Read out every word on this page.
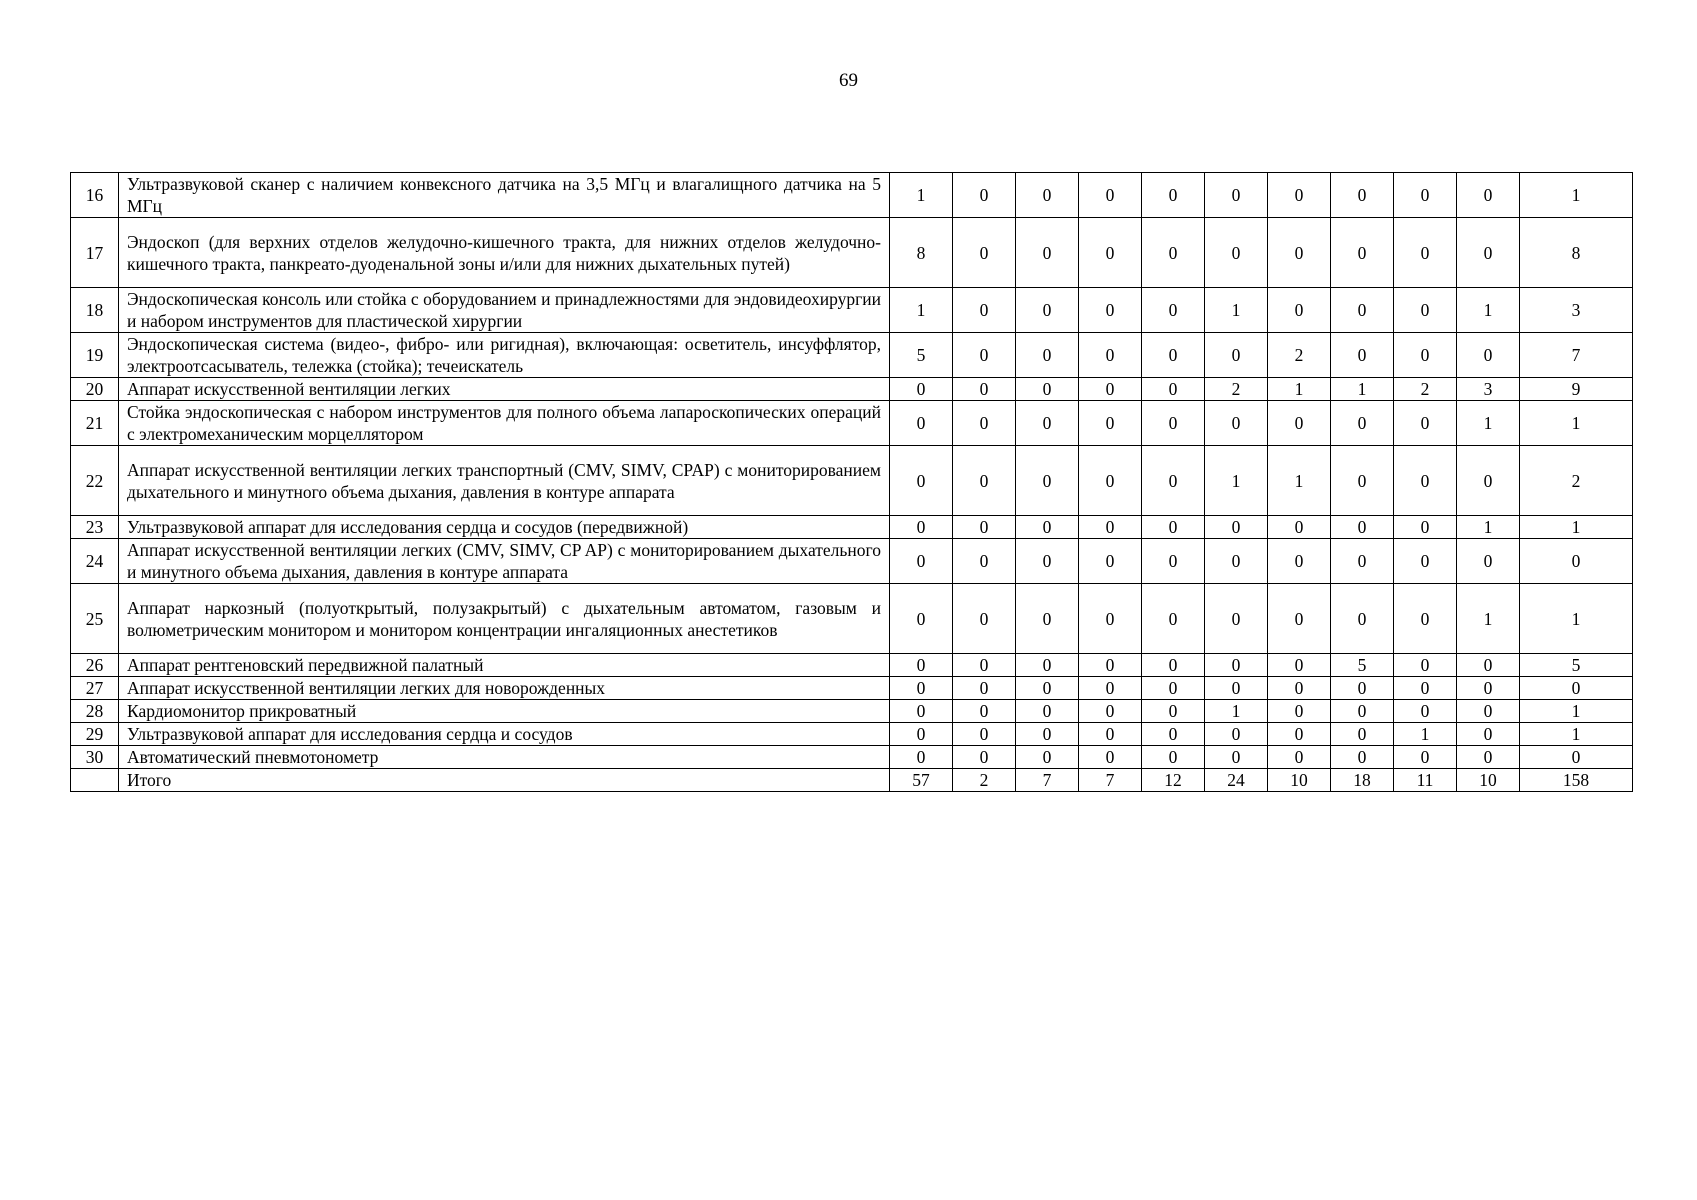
69
16	Ультразвуковой сканер с наличием конвексного датчика на 3,5 МГц и влагалищного датчика на 5 МГц	1	0	0	0	0	0	0	0	0	0	1
17	Эндоскоп (для верхних отделов желудочно-кишечного тракта, для нижних отделов желудочно-кишечного тракта, панкреато-дуоденальной зоны и/или для нижних дыхательных путей)	8	0	0	0	0	0	0	0	0	0	8
18	Эндоскопическая консоль или стойка с оборудованием и принадлежностями для эндовидеохирургии и набором инструментов для пластической хирургии	1	0	0	0	0	1	0	0	0	1	3
19	Эндоскопическая система (видео-, фибро- или ригидная), включающая: осветитель, инсуффлятор, электроотсасыватель, тележка (стойка); течеискатель	5	0	0	0	0	0	2	0	0	0	7
20	Аппарат искусственной вентиляции легких	0	0	0	0	0	2	1	1	2	3	9
21	Стойка эндоскопическая с набором инструментов для полного объема лапароскопических операций с электромеханическим морцеллятором	0	0	0	0	0	0	0	0	0	1	1
22	Аппарат искусственной вентиляции легких транспортный (CMV, SIMV, CPAP) с мониторированием дыхательного и минутного объема дыхания, давления в контуре аппарата	0	0	0	0	0	1	1	0	0	0	2
23	Ультразвуковой аппарат для исследования сердца и сосудов (передвижной)	0	0	0	0	0	0	0	0	0	1	1
24	Аппарат искусственной вентиляции легких (CMV, SIMV, CP AP) с мониторированием дыхательного и минутного объема дыхания, давления в контуре аппарата	0	0	0	0	0	0	0	0	0	0	0
25	Аппарат наркозный (полуоткрытый, полузакрытый) с дыхательным автоматом, газовым и волюметрическим монитором и монитором концентрации ингаляционных анестетиков	0	0	0	0	0	0	0	0	0	1	1
26	Аппарат рентгеновский передвижной палатный	0	0	0	0	0	0	0	5	0	0	5
27	Аппарат искусственной вентиляции легких для новорожденных	0	0	0	0	0	0	0	0	0	0	0
28	Кардиомонитор прикроватный	0	0	0	0	0	1	0	0	0	0	1
29	Ультразвуковой аппарат для исследования сердца и сосудов	0	0	0	0	0	0	0	0	1	0	1
30	Автоматический пневмотонометр	0	0	0	0	0	0	0	0	0	0	0
	Итого	57	2	7	7	12	24	10	18	11	10	158
